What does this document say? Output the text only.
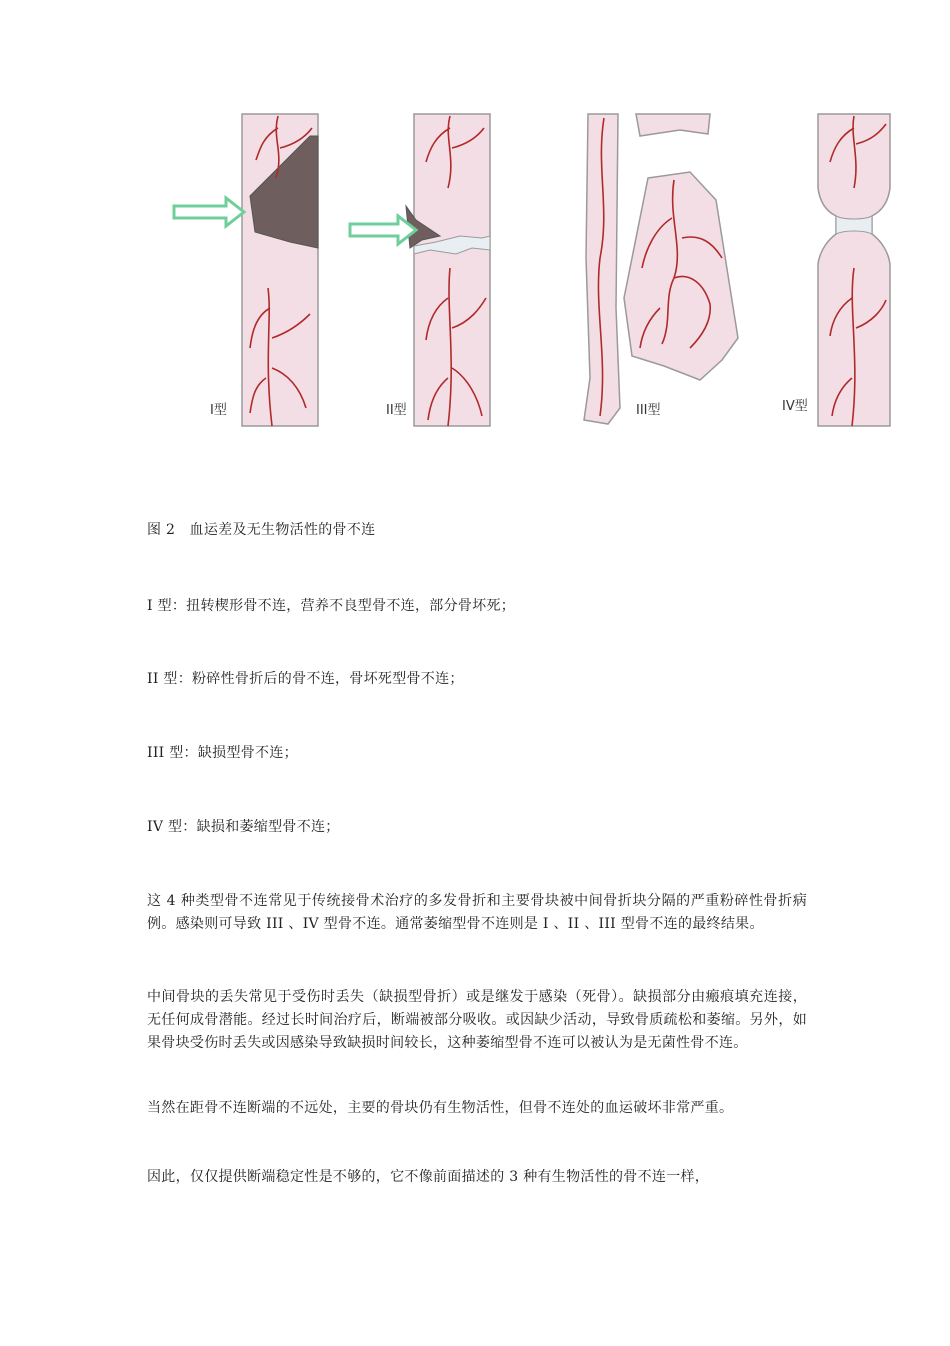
I型	II型	III型	IV型
图 2　血运差及无生物活性的骨不连
I 型：扭转楔形骨不连，营养不良型骨不连，部分骨坏死；
II 型：粉碎性骨折后的骨不连，骨坏死型骨不连；
III 型：缺损型骨不连；
IV 型：缺损和萎缩型骨不连；
这 4 种类型骨不连常见于传统接骨术治疗的多发骨折和主要骨块被中间骨折块分隔的严重粉碎性骨折病例。感染则可导致 III 、IV 型骨不连。通常萎缩型骨不连则是 I 、II 、III 型骨不连的最终结果。
中间骨块的丢失常见于受伤时丢失（缺损型骨折）或是继发于感染（死骨）。缺损部分由瘢痕填充连接，无任何成骨潜能。经过长时间治疗后，断端被部分吸收。或因缺少活动，导致骨质疏松和萎缩。另外，如果骨块受伤时丢失或因感染导致缺损时间较长，这种萎缩型骨不连可以被认为是无菌性骨不连。
当然在距骨不连断端的不远处，主要的骨块仍有生物活性，但骨不连处的血运破坏非常严重。
因此，仅仅提供断端稳定性是不够的，它不像前面描述的 3 种有生物活性的骨不连一样，
